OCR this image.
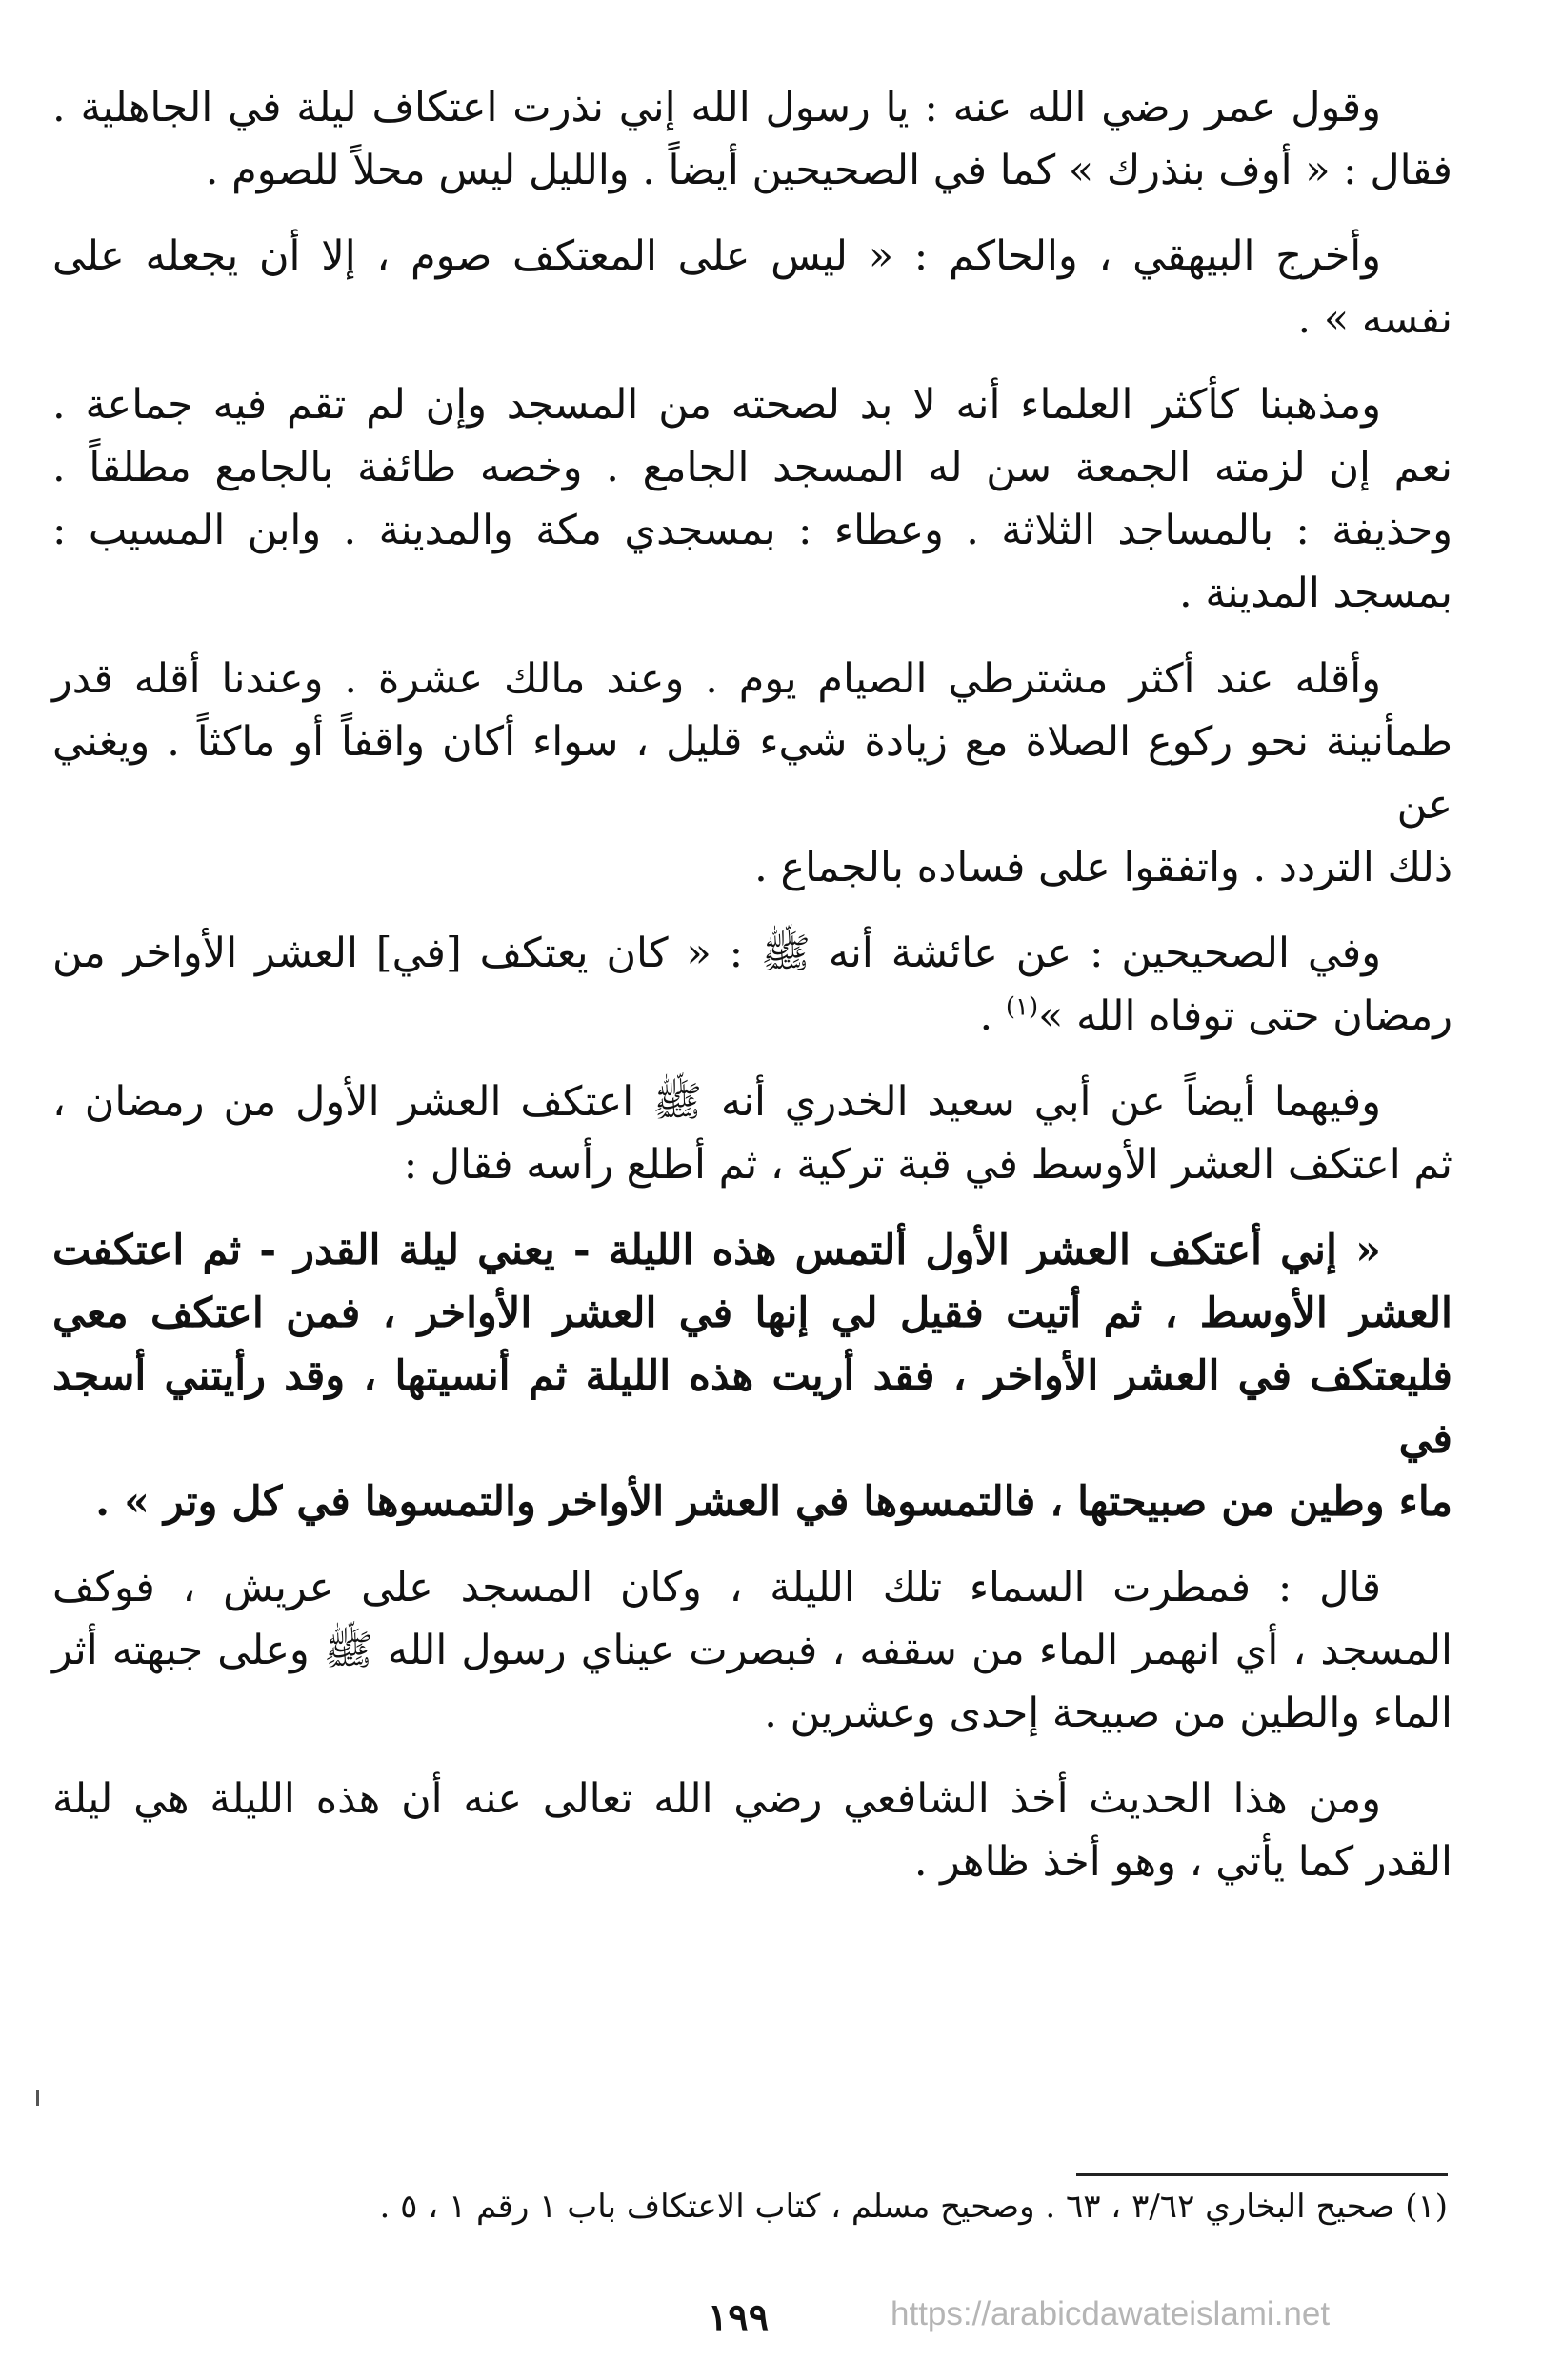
وقول عمر رضي الله عنه : يا رسول الله إني نذرت اعتكاف ليلة في الجاهلية .
فقال : « أوف بنذرك » كما في الصحيحين أيضاً . والليل ليس محلاً للصوم .
وأخرج البيهقي ، والحاكم : « ليس على المعتكف صوم ، إلا أن يجعله على
نفسه » .
ومذهبنا كأكثر العلماء أنه لا بد لصحته من المسجد وإن لم تقم فيه جماعة .
نعم إن لزمته الجمعة سن له المسجد الجامع . وخصه طائفة بالجامع مطلقاً .
وحذيفة : بالمساجد الثلاثة . وعطاء : بمسجدي مكة والمدينة . وابن المسيب :
بمسجد المدينة .
وأقله عند أكثر مشترطي الصيام يوم . وعند مالك عشرة . وعندنا أقله قدر
طمأنينة نحو ركوع الصلاة مع زيادة شيء قليل ، سواء أكان واقفاً أو ماكثاً . ويغني عن
ذلك التردد . واتفقوا على فساده بالجماع .
وفي الصحيحين : عن عائشة أنه ﷺ : « كان يعتكف [في] العشر الأواخر من
رمضان حتى توفاه الله »$^{(١)}$ .
وفيهما أيضاً عن أبي سعيد الخدري أنه ﷺ اعتكف العشر الأول من رمضان ،
ثم اعتكف العشر الأوسط في قبة تركية ، ثم أطلع رأسه فقال :
« إني أعتكف العشر الأول ألتمس هذه الليلة - يعني ليلة القدر - ثم اعتكفت
العشر الأوسط ، ثم أتيت فقيل لي إنها في العشر الأواخر ، فمن اعتكف معي
فليعتكف في العشر الأواخر ، فقد أريت هذه الليلة ثم أنسيتها ، وقد رأيتني أسجد في
ماء وطين من صبيحتها ، فالتمسوها في العشر الأواخر والتمسوها في كل وتر » .
قال : فمطرت السماء تلك الليلة ، وكان المسجد على عريش ، فوكف
المسجد ، أي انهمر الماء من سقفه ، فبصرت عيناي رسول الله ﷺ وعلى جبهته أثر
الماء والطين من صبيحة إحدى وعشرين .
ومن هذا الحديث أخذ الشافعي رضي الله تعالى عنه أن هذه الليلة هي ليلة
القدر كما يأتي ، وهو أخذ ظاهر .
(١) صحيح البخاري ٣/٦٢ ، ٦٣ . وصحيح مسلم ، كتاب الاعتكاف باب ١ رقم ١ ، ٥ .
١٩٩	https://arabicdawateislami.net
